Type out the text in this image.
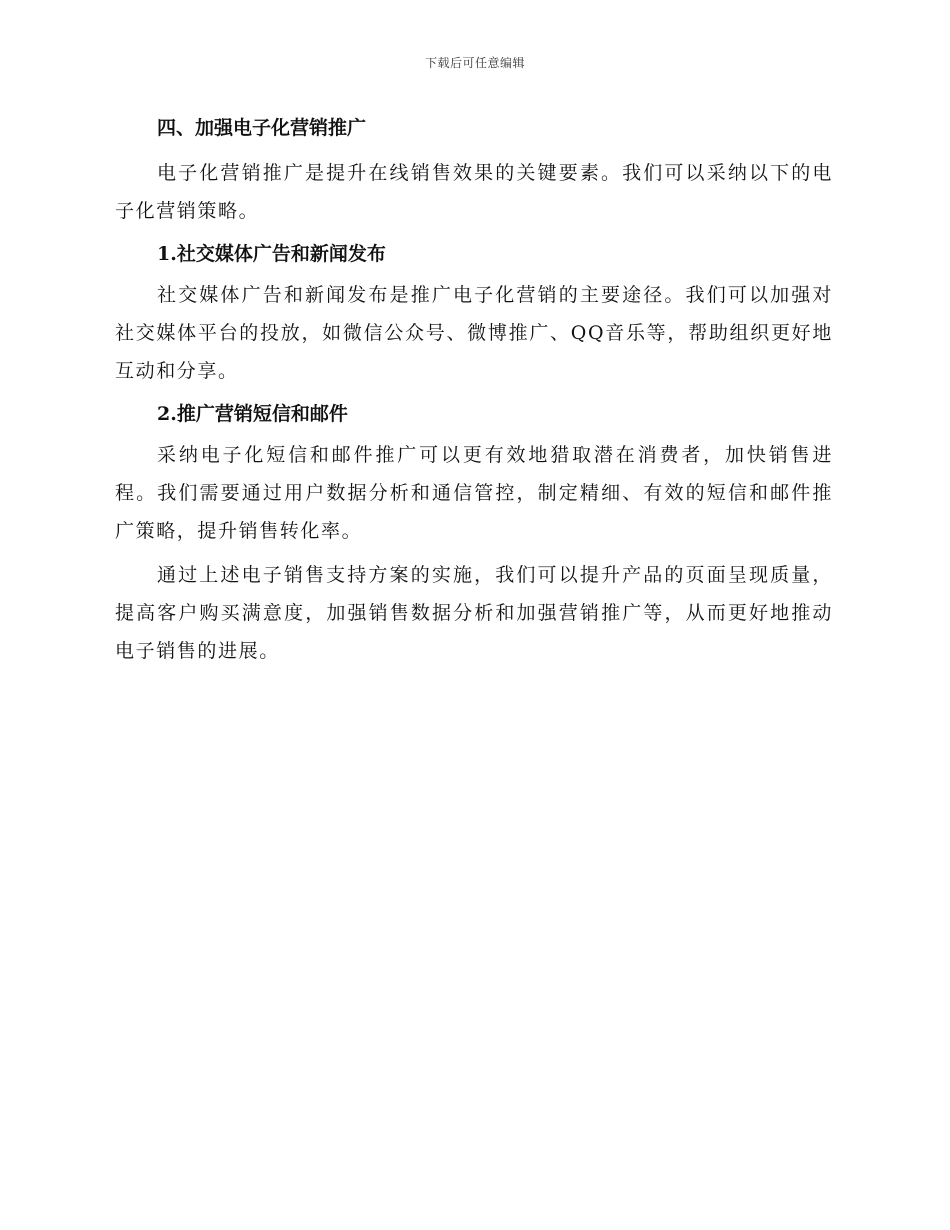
下载后可任意编辑
四、加强电子化营销推广

电子化营销推广是提升在线销售效果的关键要素。我们可以采纳以下的电子化营销策略。

1.社交媒体广告和新闻发布

社交媒体广告和新闻发布是推广电子化营销的主要途径。我们可以加强对社交媒体平台的投放，如微信公众号、微博推广、QQ音乐等，帮助组织更好地互动和分享。

2.推广营销短信和邮件

采纳电子化短信和邮件推广可以更有效地猎取潜在消费者，加快销售进程。我们需要通过用户数据分析和通信管控，制定精细、有效的短信和邮件推广策略，提升销售转化率。

通过上述电子销售支持方案的实施，我们可以提升产品的页面呈现质量，提高客户购买满意度，加强销售数据分析和加强营销推广等，从而更好地推动电子销售的进展。
